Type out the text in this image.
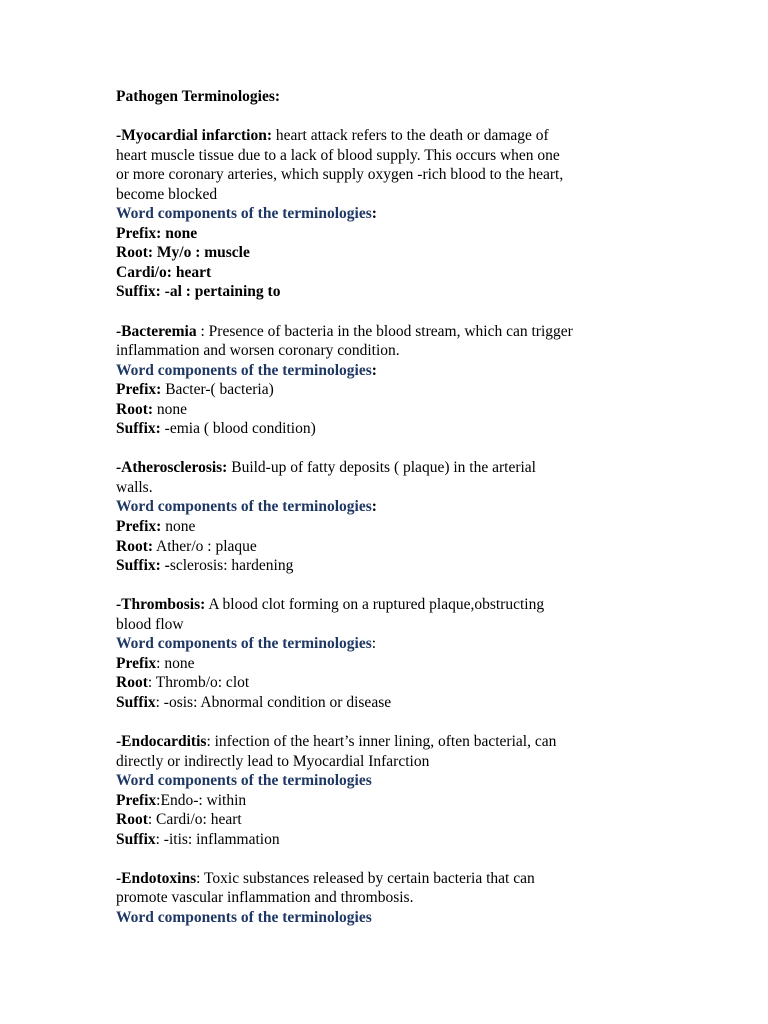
Pathogen Terminologies:
-Myocardial infarction: heart attack refers to the death or damage of
heart muscle tissue due to a lack of blood supply. This occurs when one
or more coronary arteries, which supply oxygen -rich blood to the heart,
become blocked
Word components of the terminologies:
Prefix: none
Root: My/o : muscle
Cardi/o: heart
Suffix: -al : pertaining to
-Bacteremia : Presence of bacteria in the blood stream, which can trigger
inflammation and worsen coronary condition.
Word components of the terminologies:
Prefix: Bacter-( bacteria)
Root: none
Suffix: -emia ( blood condition)
-Atherosclerosis: Build-up of fatty deposits ( plaque) in the arterial
walls.
Word components of the terminologies:
Prefix: none
Root: Ather/o : plaque
Suffix: -sclerosis: hardening
-Thrombosis: A blood clot forming on a ruptured plaque,obstructing
blood flow
Word components of the terminologies:
Prefix: none
Root: Thromb/o: clot
Suffix: -osis: Abnormal condition or disease
-Endocarditis: infection of the heart’s inner lining, often bacterial, can
directly or indirectly lead to Myocardial Infarction
Word components of the terminologies
Prefix:Endo-: within
Root: Cardi/o: heart
Suffix: -itis: inflammation
-Endotoxins: Toxic substances released by certain bacteria that can
promote vascular inflammation and thrombosis.
Word components of the terminologies
